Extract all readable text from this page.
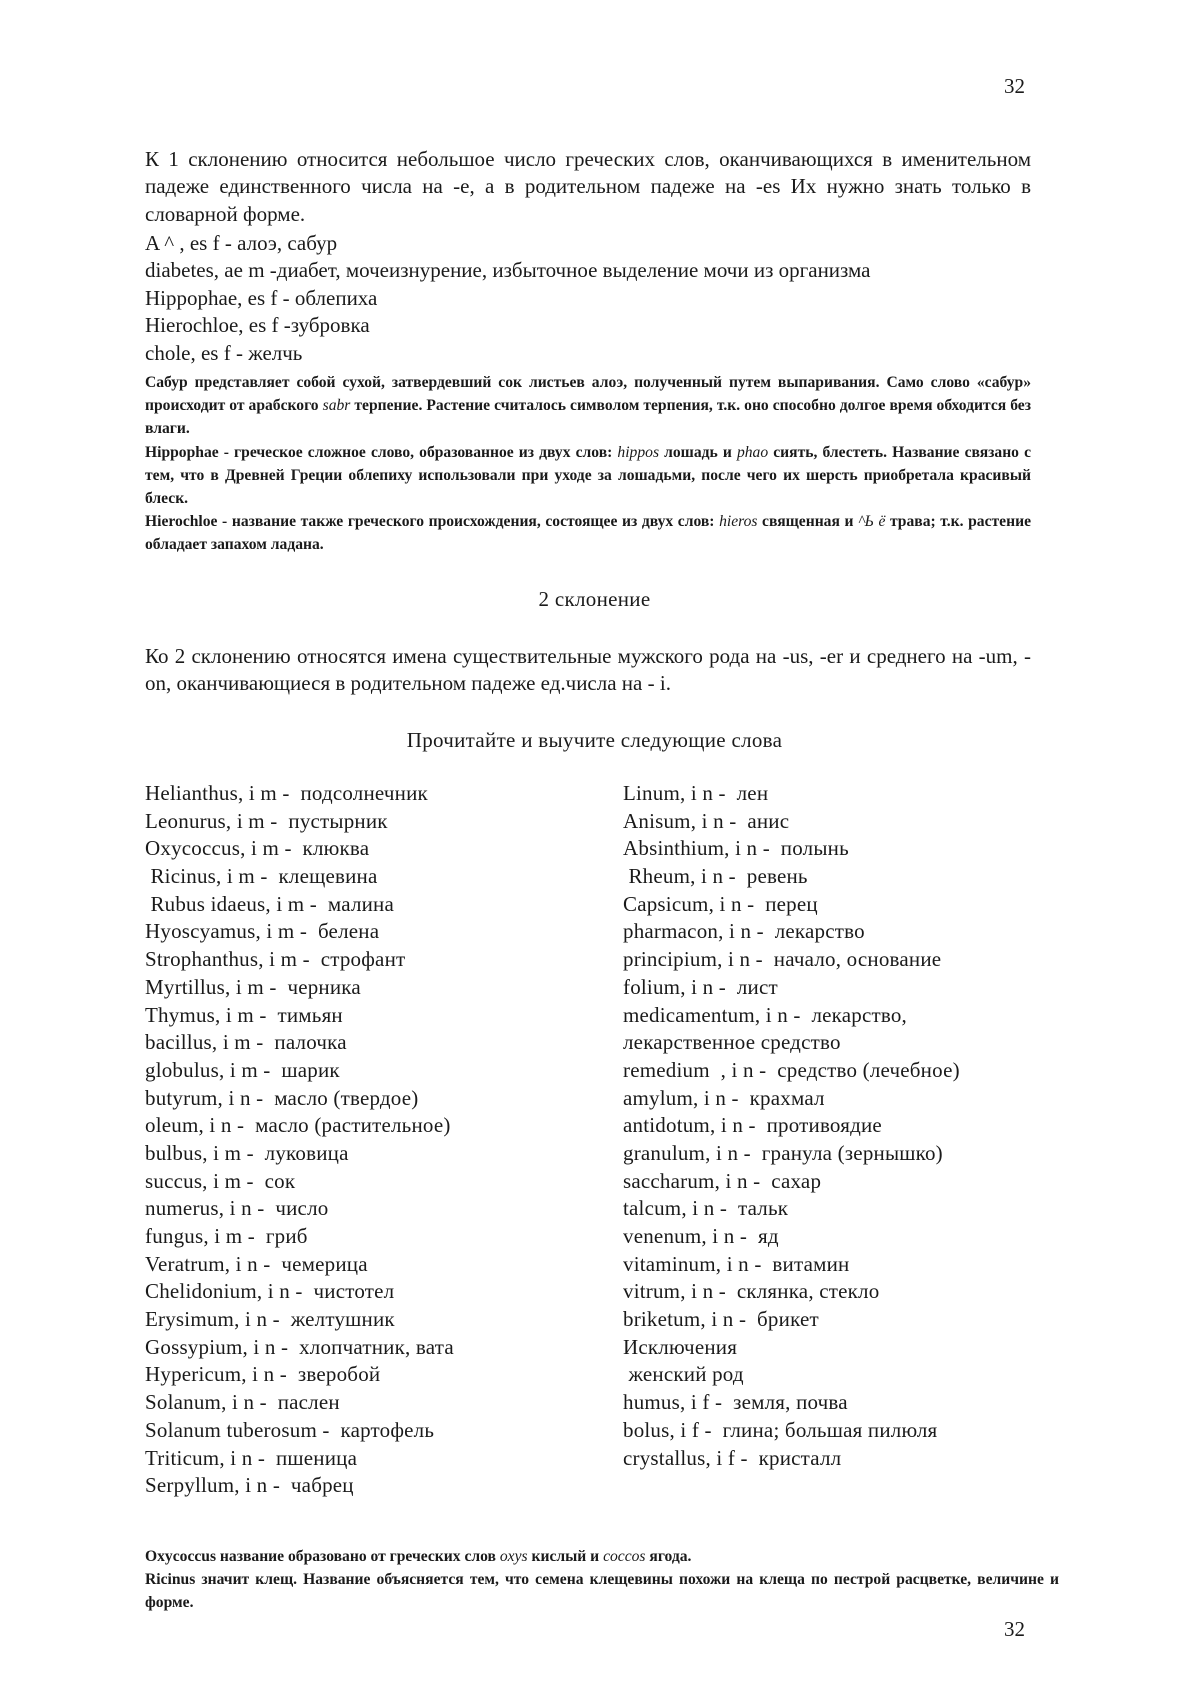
32
К 1 склонению относится небольшое число греческих слов, оканчивающихся в именительном падеже единственного числа на -е, а в родительном падеже на -es Их нужно знать только в словарной форме.
A ^ , es f - алоэ, сабур
diabetes, ae m -диабет, мочеизнурение, избыточное выделение мочи из организма
Hippophae, es f - облепиха
Hierochloe, es f -зубровка
chole, es f - желчь
Сабур представляет собой сухой, затвердевший сок листьев алоэ, полученный путем выпаривания. Само слово «сабур» происходит от арабского sabr терпение. Растение считалось символом терпения, т.к. оно способно долгое время обходится без влаги.
Hippophae - греческое сложное слово, образованное из двух слов: hippos лошадь и phao сиять, блестеть. Название связано с тем, что в Древней Греции облепиху использовали при уходе за лошадьми, после чего их шерсть приобретала красивый блеск.
Hierochloe - название также греческого происхождения, состоящее из двух слов: hieros священная и ^Ь ё трава; т.к. растение обладает запахом ладана.
2 склонение
Ко 2 склонению относятся имена существительные мужского рода на -us, -er и среднего на -um, -on, оканчивающиеся в родительном падеже ед.числа на - i.
Прочитайте и выучите следующие слова
Helianthus, i m -  подсолнечник
Leonurus, i m -  пустырник
Oxycoccus, i m -  клюква
Ricinus, i m -  клещевина
Rubus idaeus, i m -  малина
Hyoscyamus, i m -  белена
Strophanthus, i m -  строфант
Myrtillus, i m -  черника
Thymus, i m -  тимьян
bacillus, i m -  палочка
globulus, i m -  шарик
butyrum, i n -  масло (твердое)
oleum, i n -  масло (растительное)
bulbus, i m -  луковица
succus, i m -  сок
numerus, i n -  число
fungus, i m -  гриб
Veratrum, i n -  чемерица
Chelidonium, i n -  чистотел
Erysimum, i n -  желтушник
Gossypium, i n -  хлопчатник, вата
Hypericum, i n -  зверобой
Solanum, i n -  паслен
Solanum tuberosum -  картофель
Triticum, i n -  пшеница
Serpyllum, i n -  чабрец
Linum, i n -  лен
Anisum, i n -  анис
Absinthium, i n -  полынь
Rheum, i n -  ревень
Capsicum, i n -  перец
pharmacon, i n -  лекарство
principium, i n -  начало, основание
folium, i n -  лист
medicamentum, i n -  лекарство,
лекарственное средство
remedium  , i n -  средство (лечебное)
amylum, i n -  крахмал
antidotum, i n -  противоядие
granulum, i n -  гранула (зернышко)
saccharum, i n -  сахар
talcum, i n -  тальк
venenum, i n -  яд
vitaminum, i n -  витамин
vitrum, i n -  склянка, стекло
briketum, i n -  брикет
Исключения
женский род
humus, i f -  земля, почва
bolus, i f -  глина; большая пилюля
crystallus, i f -  кристалл
Oxycoccus название образовано от греческих слов oxys кислый и coccos ягода.
Ricinus значит клещ. Название объясняется тем, что семена клещевины похожи на клеща по пестрой расцветке, величине и форме.
32
